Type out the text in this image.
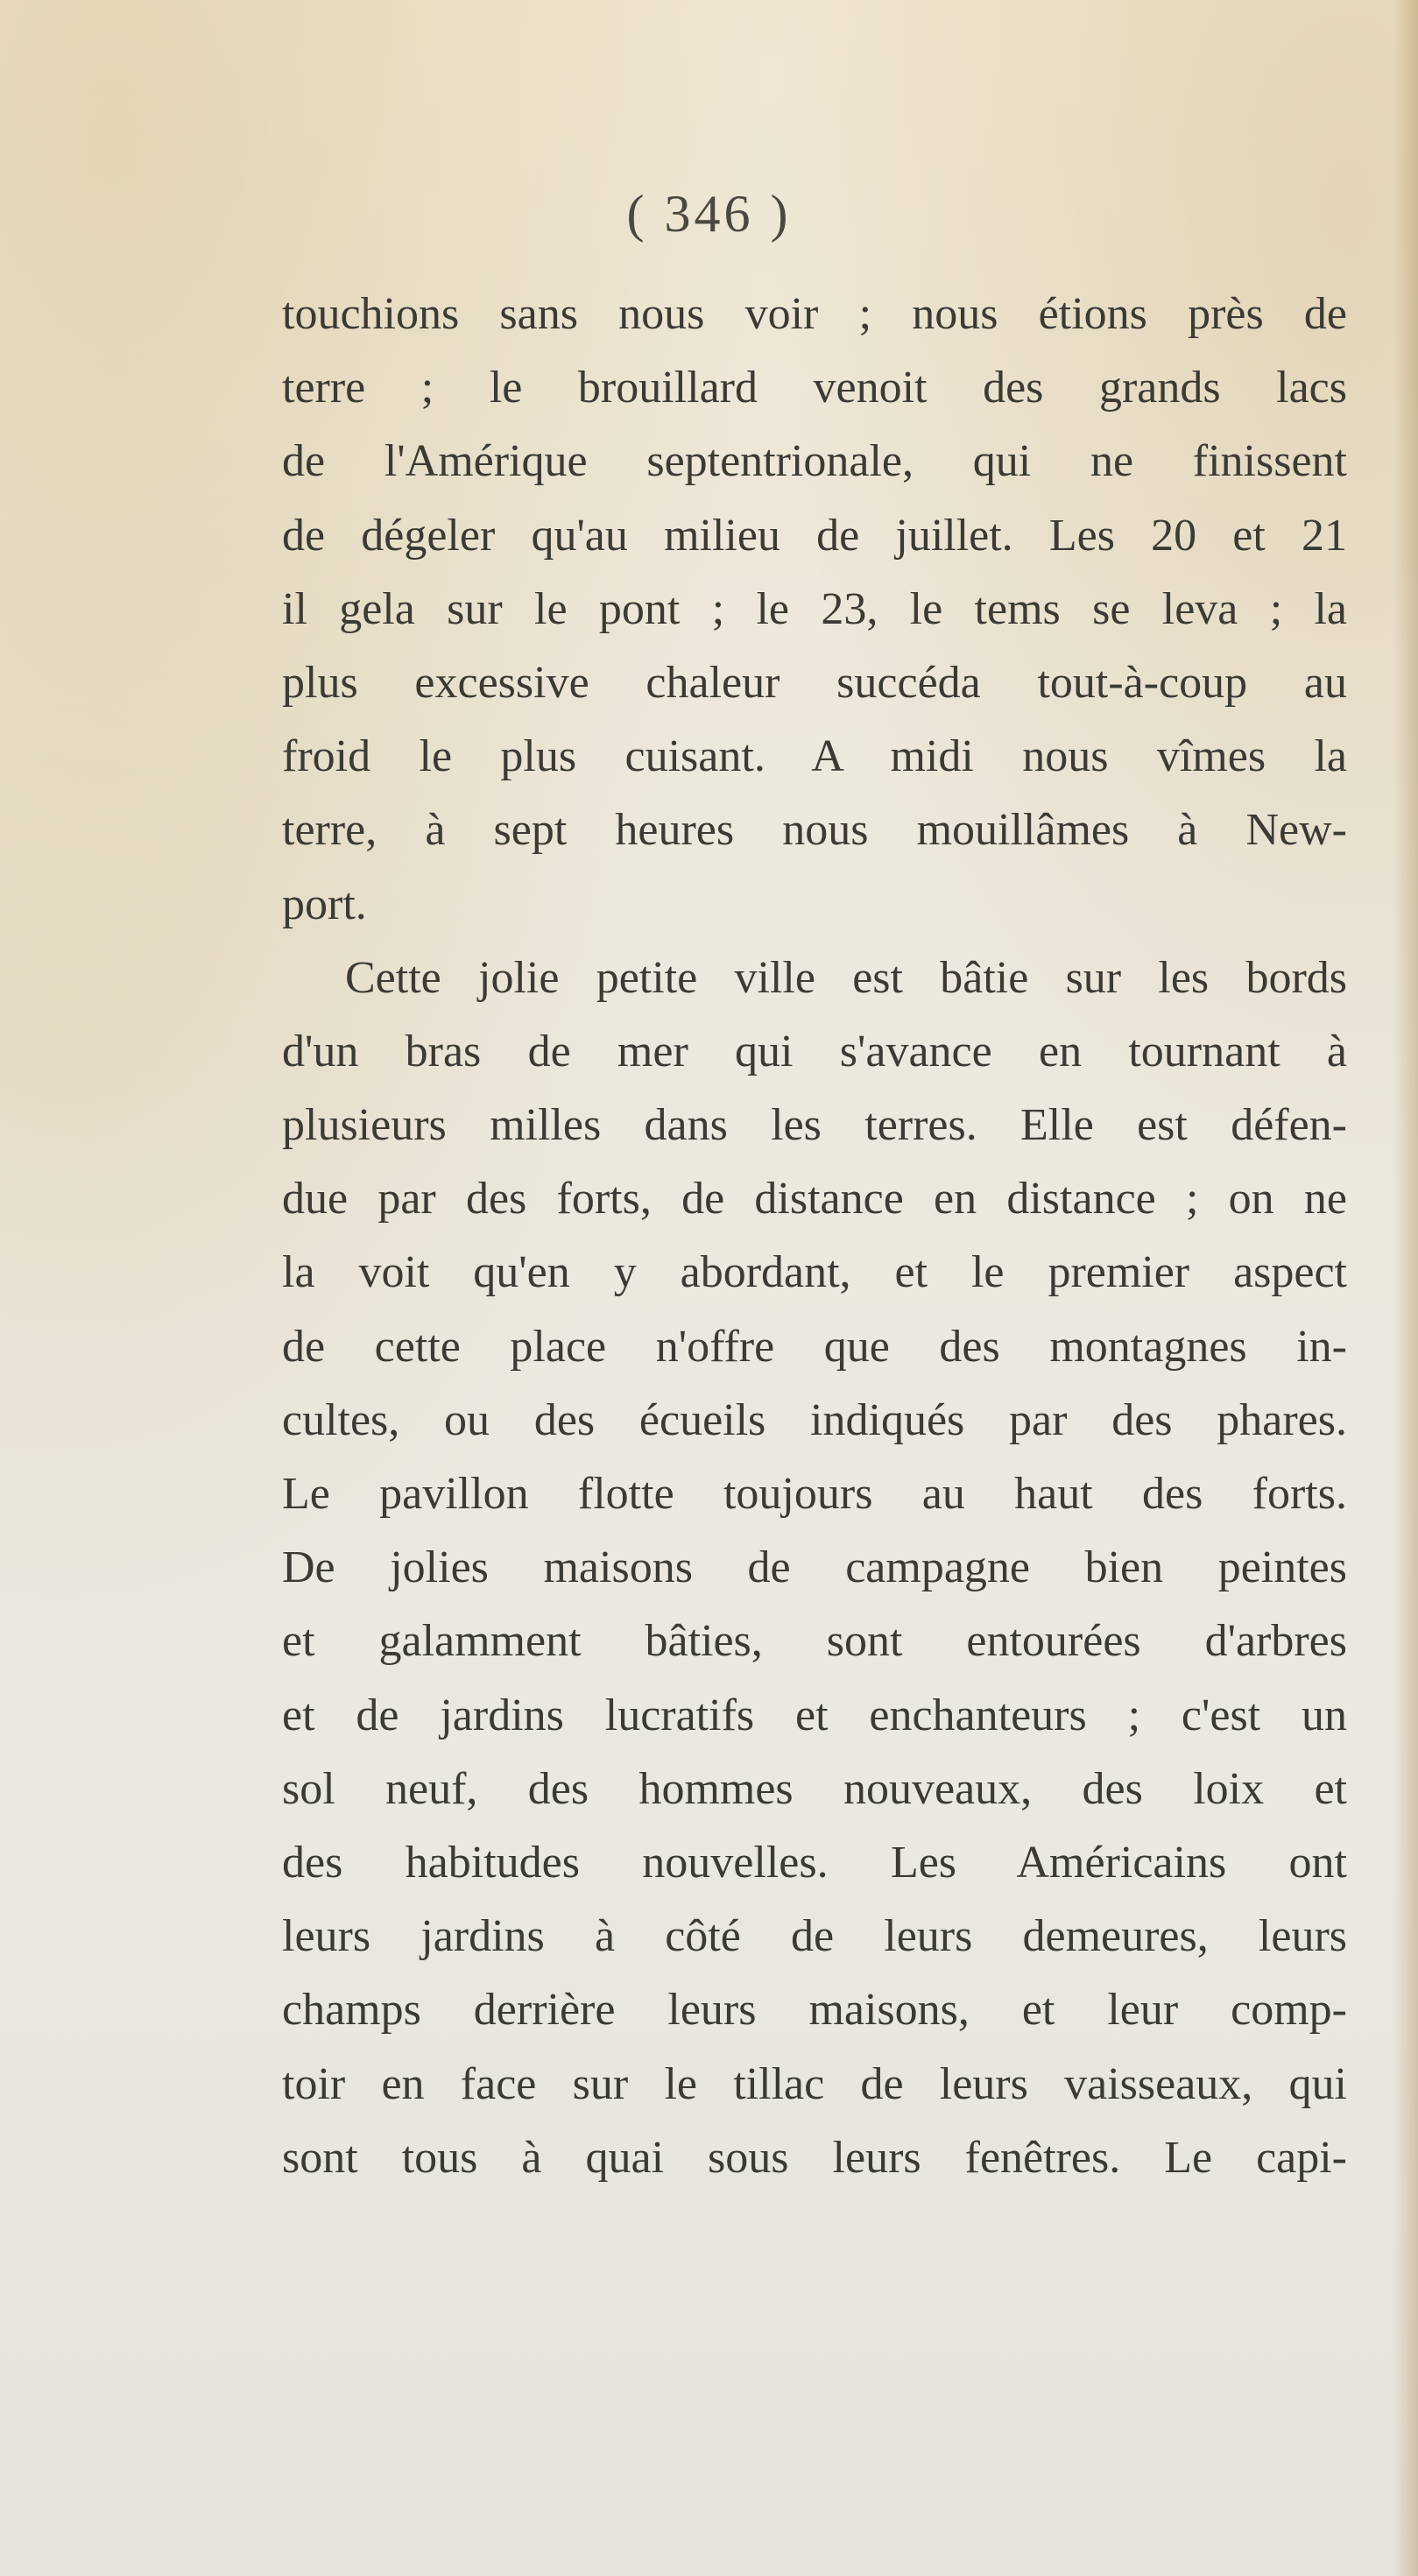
( 346 )
touchions sans nous voir ; nous étions près de
terre ; le brouillard venoit des grands lacs
de l'Amérique septentrionale, qui ne finissent
de dégeler qu'au milieu de juillet. Les 20 et 21
il gela sur le pont ; le 23, le tems se leva ; la
plus excessive chaleur succéda tout-à-coup au
froid le plus cuisant. A midi nous vîmes la
terre, à sept heures nous mouillâmes à New-
port.
Cette jolie petite ville est bâtie sur les bords
d'un bras de mer qui s'avance en tournant à
plusieurs milles dans les terres. Elle est défen-
due par des forts, de distance en distance ; on ne
la voit qu'en y abordant, et le premier aspect
de cette place n'offre que des montagnes in-
cultes, ou des écueils indiqués par des phares.
Le pavillon flotte toujours au haut des forts.
De jolies maisons de campagne bien peintes
et galamment bâties, sont entourées d'arbres
et de jardins lucratifs et enchanteurs ; c'est un
sol neuf, des hommes nouveaux, des loix et
des habitudes nouvelles. Les Américains ont
leurs jardins à côté de leurs demeures, leurs
champs derrière leurs maisons, et leur comp-
toir en face sur le tillac de leurs vaisseaux, qui
sont tous à quai sous leurs fenêtres. Le capi-
